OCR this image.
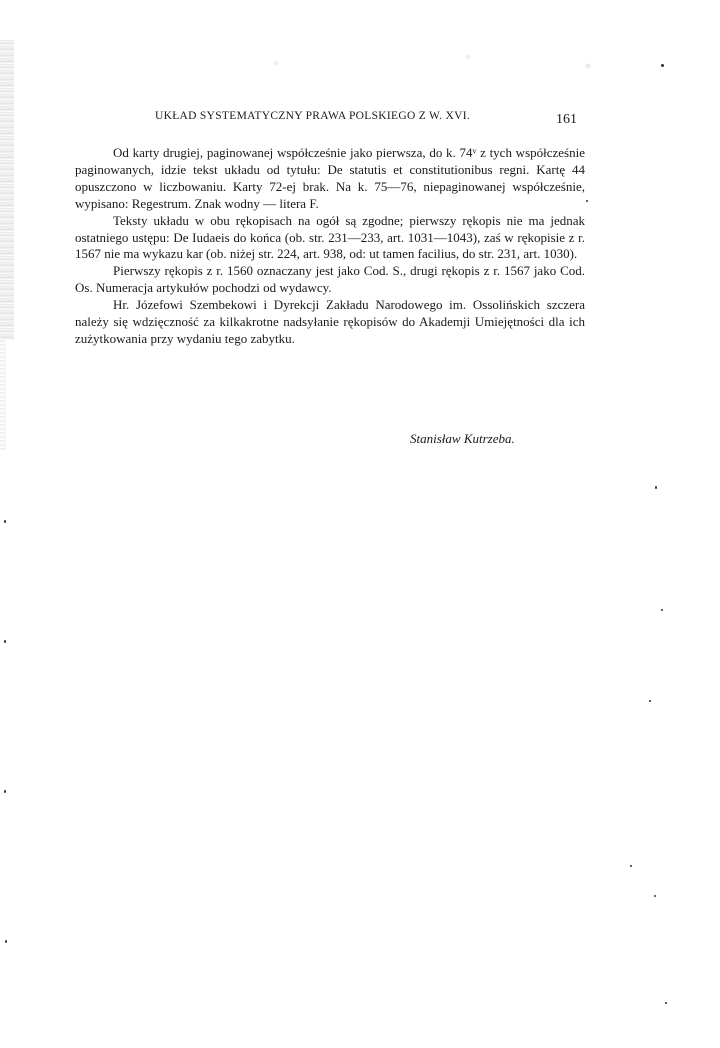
UKŁAD SYSTEMATYCZNY PRAWA POLSKIEGO Z W. XVI.	161

Od karty drugiej, paginowanej współcześnie jako pierwsza, do k. 74ᵛ z tych współcześnie paginowanych, idzie tekst układu od tytułu: De statutis et constitutionibus regni. Kartę 44 opuszczono w liczbowaniu. Karty 72-ej brak. Na k. 75—76, niepaginowanej współcześnie, wypisano: Regestrum. Znak wodny — litera F.

Teksty układu w obu rękopisach na ogół są zgodne; pierwszy rękopis nie ma jednak ostatniego ustępu: De Iudaeis do końca (ob. str. 231—233, art. 1031—1043), zaś w rękopisie z r. 1567 nie ma wykazu kar (ob. niżej str. 224, art. 938, od: ut tamen facilius, do str. 231, art. 1030).

Pierwszy rękopis z r. 1560 oznaczany jest jako Cod. S., drugi rękopis z r. 1567 jako Cod. Os. Numeracja artykułów pochodzi od wydawcy.

Hr. Józefowi Szembekowi i Dyrekcji Zakładu Narodowego im. Ossolińskich szczera należy się wdzięczność za kilkakrotne nadsyłanie rękopisów do Akademji Umiejętności dla ich zużytkowania przy wydaniu tego zabytku.

Stanisław Kutrzeba.
